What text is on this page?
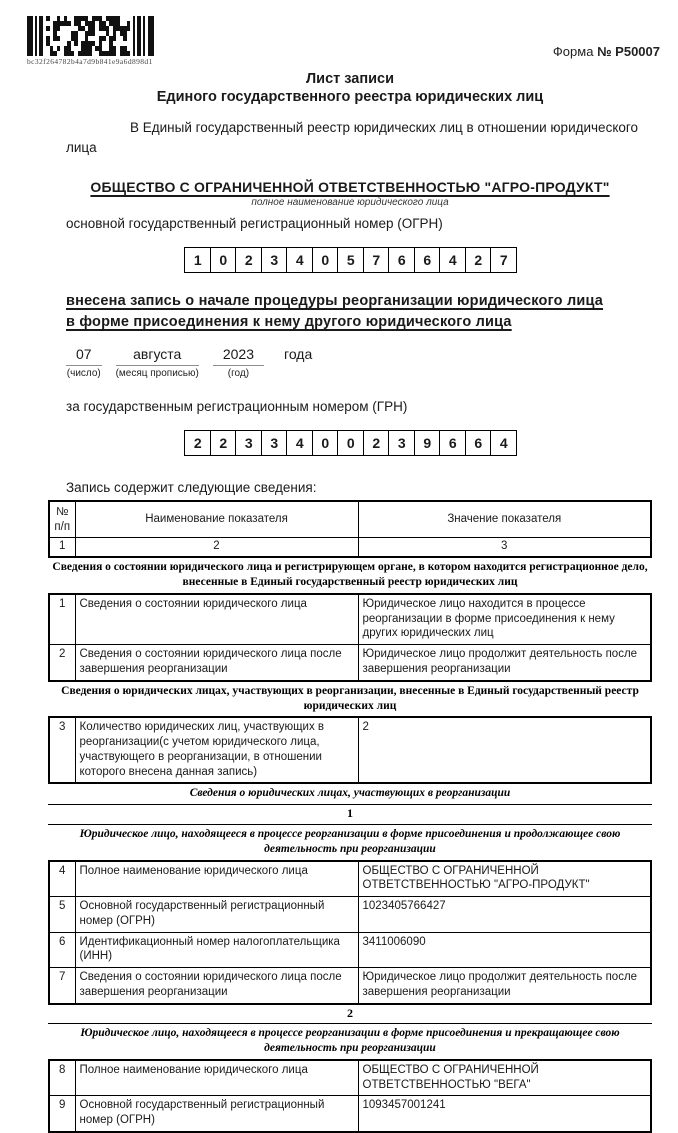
bc32f264782b4a7d9b841e9a6d898d1
Форма № Р50007
Лист записи
Единого государственного реестра юридических лиц
В Единый государственный реестр юридических лиц в отношении юридического
лица
ОБЩЕСТВО С ОГРАНИЧЕННОЙ ОТВЕТСТВЕННОСТЬЮ "АГРО-ПРОДУКТ"
полное наименование юридического лица
основной государственный регистрационный номер (ОГРН)
1	0	2	3	4	0	5	7	6	6	4	2	7
внесена запись о начале процедуры реорганизации юридического лица
в форме присоединения к нему другого юридического лица
07
(число)
августа
(месяц прописью)
2023
(год)
года
за государственным регистрационным номером (ГРН)
2	2	3	3	4	0	0	2	3	9	6	6	4
Запись содержит следующие сведения:
№
п/п	Наименование показателя	Значение показателя
1	2	3
Сведения о состоянии юридического лица и регистрирующем органе, в котором находится регистрационное дело, внесенные в Единый государственный реестр юридических лиц
1	Сведения о состоянии юридического лица	Юридическое лицо находится в процессе реорганизации в форме присоединения к нему других юридических лиц
2	Сведения о состоянии юридического лица после завершения реорганизации	Юридическое лицо продолжит деятельность после завершения реорганизации
Сведения о юридических лицах, участвующих в реорганизации, внесенные в Единый государственный реестр юридических лиц
3	Количество юридических лиц, участвующих в реорганизации(с учетом юридического лица, участвующего в реорганизации, в отношении которого внесена данная запись)	2
Сведения о юридических лицах, участвующих в реорганизации
1
Юридическое лицо, находящееся в процессе реорганизации в форме присоединения и продолжающее свою деятельность при реорганизации
4	Полное наименование юридического лица	ОБЩЕСТВО С ОГРАНИЧЕННОЙ ОТВЕТСТВЕННОСТЬЮ "АГРО-ПРОДУКТ"
5	Основной государственный регистрационный номер (ОГРН)	1023405766427
6	Идентификационный номер налогоплательщика (ИНН)	3411006090
7	Сведения о состоянии юридического лица после завершения реорганизации	Юридическое лицо продолжит деятельность после завершения реорганизации
2
Юридическое лицо, находящееся в процессе реорганизации в форме присоединения и прекращающее свою деятельность при реорганизации
8	Полное наименование юридического лица	ОБЩЕСТВО С ОГРАНИЧЕННОЙ ОТВЕТСТВЕННОСТЬЮ "ВЕГА"
9	Основной государственный регистрационный номер (ОГРН)	1093457001241
